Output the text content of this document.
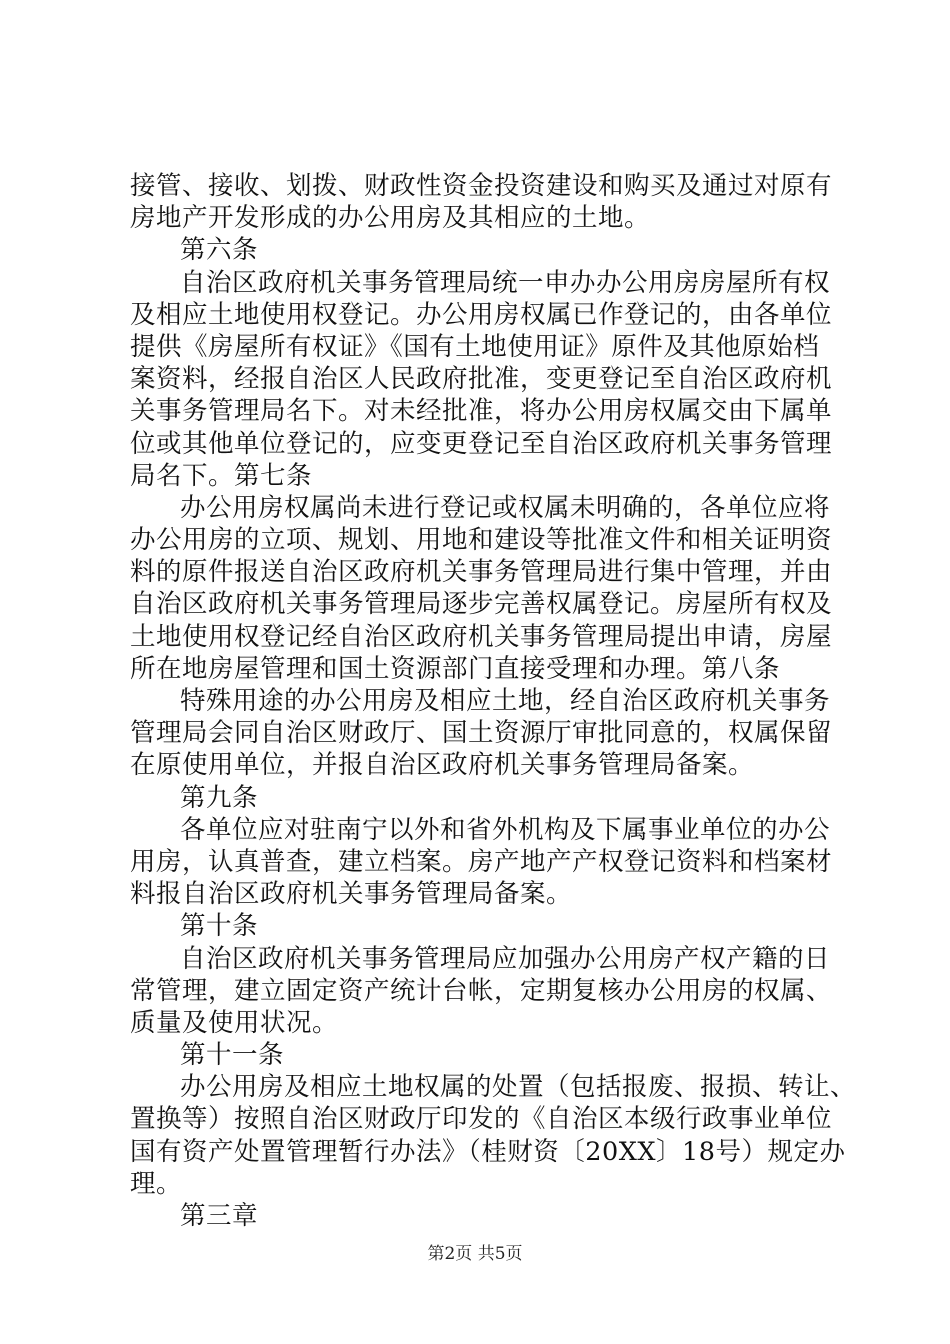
接管、接收、划拨、财政性资金投资建设和购买及通过对原有
房地产开发形成的办公用房及其相应的土地。
第六条
自治区政府机关事务管理局统一申办办公用房房屋所有权
及相应土地使用权登记。办公用房权属已作登记的，由各单位
提供《房屋所有权证》《国有土地使用证》原件及其他原始档
案资料，经报自治区人民政府批准，变更登记至自治区政府机
关事务管理局名下。对未经批准，将办公用房权属交由下属单
位或其他单位登记的，应变更登记至自治区政府机关事务管理
局名下。第七条
办公用房权属尚未进行登记或权属未明确的，各单位应将
办公用房的立项、规划、用地和建设等批准文件和相关证明资
料的原件报送自治区政府机关事务管理局进行集中管理，并由
自治区政府机关事务管理局逐步完善权属登记。房屋所有权及
土地使用权登记经自治区政府机关事务管理局提出申请，房屋
所在地房屋管理和国土资源部门直接受理和办理。第八条
特殊用途的办公用房及相应土地，经自治区政府机关事务
管理局会同自治区财政厅、国土资源厅审批同意的，权属保留
在原使用单位，并报自治区政府机关事务管理局备案。
第九条
各单位应对驻南宁以外和省外机构及下属事业单位的办公
用房，认真普查，建立档案。房产地产产权登记资料和档案材
料报自治区政府机关事务管理局备案。
第十条
自治区政府机关事务管理局应加强办公用房产权产籍的日
常管理，建立固定资产统计台帐，定期复核办公用房的权属、
质量及使用状况。
第十一条
办公用房及相应土地权属的处置（包括报废、报损、转让、
置换等）按照自治区财政厅印发的《自治区本级行政事业单位
国有资产处置管理暂行办法》（桂财资〔20XX〕18号）规定办
理。
第三章
第2页 共5页
